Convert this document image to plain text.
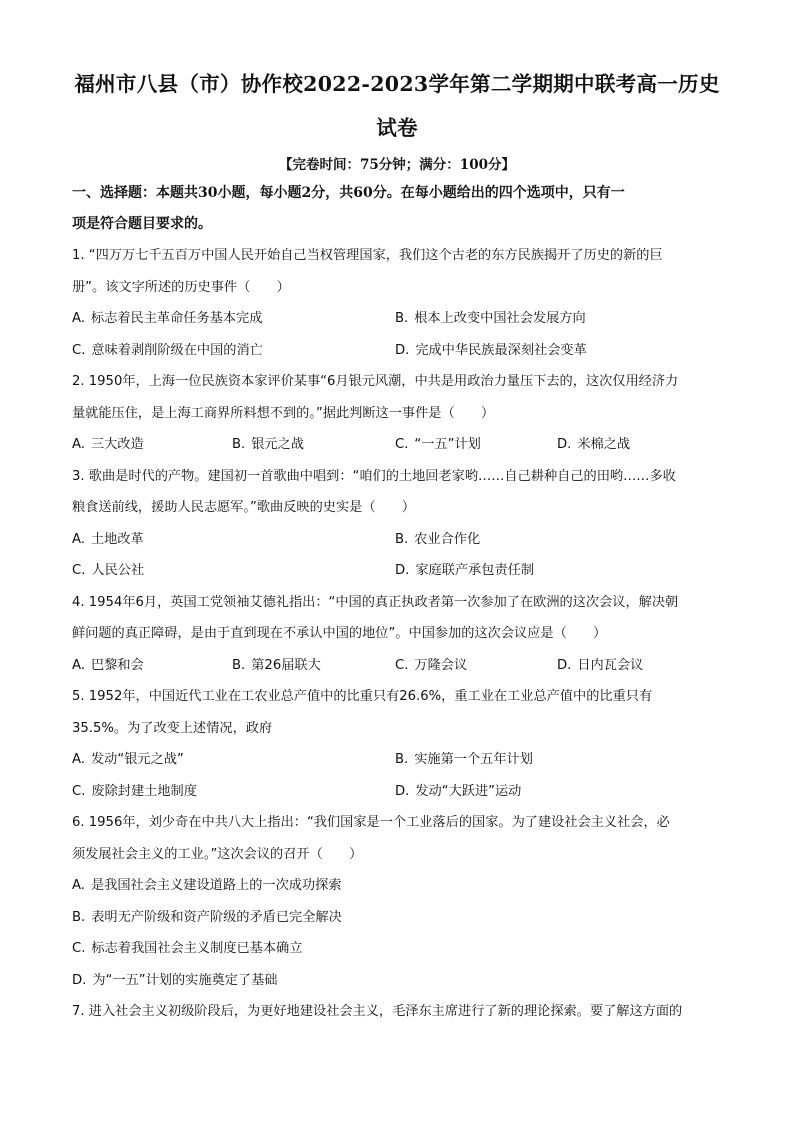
福州市八县（市）协作校2022-2023学年第二学期期中联考高一历史
试卷
【完卷时间：75分钟；满分：100分】
一、选择题：本题共30小题，每小题2分，共60分。在每小题给出的四个选项中，只有一
项是符合题目要求的。

1. “四万万七千五百万中国人民开始自己当权管理国家，我们这个古老的东方民族揭开了历史的新的巨

册”。该文字所述的历史事件（　　）

A. 标志着民主革命任务基本完成	B. 根本上改变中国社会发展方向
C. 意味着剥削阶级在中国的消亡	D. 完成中华民族最深刻社会变革

2. 1950年，上海一位民族资本家评价某事“6月银元风潮，中共是用政治力量压下去的，这次仅用经济力

量就能压住，是上海工商界所料想不到的。”据此判断这一事件是（　　）

A. 三大改造	B. 银元之战	C. “一五”计划	D. 米棉之战

3. 歌曲是时代的产物。建国初一首歌曲中唱到：“咱们的土地回老家哟……自己耕种自己的田哟……多收

粮食送前线，援助人民志愿军。”歌曲反映的史实是（　　）

A. 土地改革	B. 农业合作化
C. 人民公社	D. 家庭联产承包责任制

4. 1954年6月，英国工党领袖艾德礼指出：“中国的真正执政者第一次参加了在欧洲的这次会议，解决朝

鲜问题的真正障碍，是由于直到现在不承认中国的地位”。中国参加的这次会议应是（　　）

A. 巴黎和会	B. 第26届联大	C. 万隆会议	D. 日内瓦会议

5. 1952年，中国近代工业在工农业总产值中的比重只有26.6%，重工业在工业总产值中的比重只有

35.5%。为了改变上述情况，政府

A. 发动“银元之战”	B. 实施第一个五年计划
C. 废除封建土地制度	D. 发动“大跃进”运动

6. 1956年，刘少奇在中共八大上指出：“我们国家是一个工业落后的国家。为了建设社会主义社会，必

须发展社会主义的工业。”这次会议的召开（　　）

A. 是我国社会主义建设道路上的一次成功探索
B. 表明无产阶级和资产阶级的矛盾已完全解决
C. 标志着我国社会主义制度已基本确立
D. 为“一五”计划的实施奠定了基础

7. 进入社会主义初级阶段后，为更好地建设社会主义，毛泽东主席进行了新的理论探索。要了解这方面的
